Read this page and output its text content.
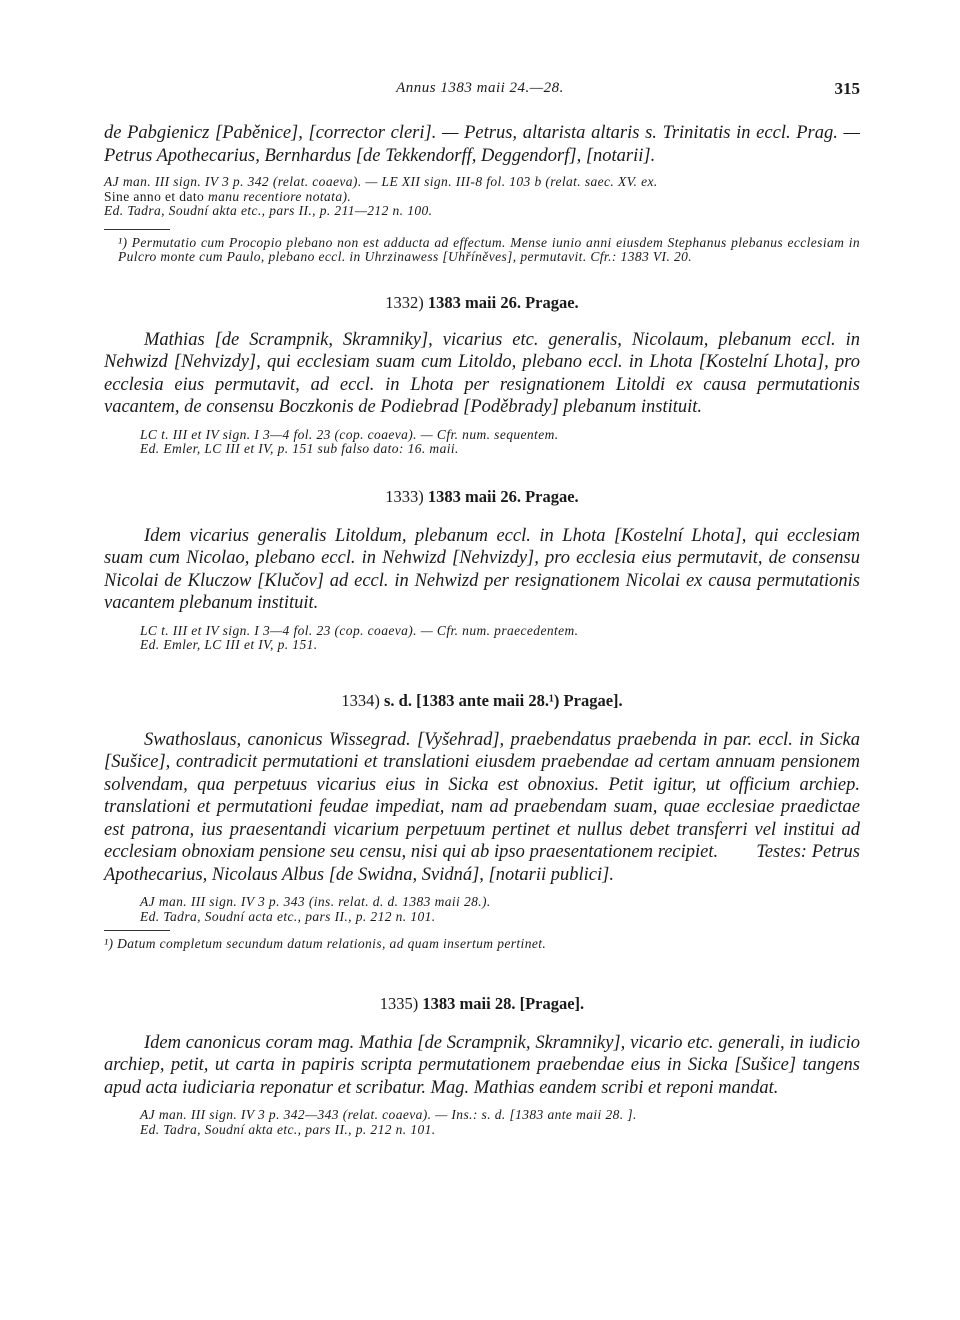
Annus 1383 maii 24.—28.	315

de Pabgienicz [Paběnice], [corrector cleri]. — Petrus, altarista altaris s. Trinitatis in eccl. Prag. — Petrus Apothecarius, Bernhardus [de Tekkendorff, Deggendorf], [notarii].

AJ man. III sign. IV 3 p. 342 (relat. coaeva). — LE XII sign. III-8 fol. 103 b (relat. saec. XV. ex.

Sine anno et dato manu recentiore notata).

Ed. Tadra, Soudní akta etc., pars II., p. 211—212 n. 100.

¹) Permutatio cum Procopio plebano non est adducta ad effectum. Mense iunio anni eiusdem Stephanus plebanus ecclesiam in Pulcro monte cum Paulo, plebano eccl. in Uhrzinawess [Uhříněves], permutavit. Cfr.: 1383 VI. 20.

1332) 1383 maii 26. Pragae.

Mathias [de Scrampnik, Skramniky], vicarius etc. generalis, Nicolaum, plebanum eccl. in Nehwizd [Nehvizdy], qui ecclesiam suam cum Litoldo, plebano eccl. in Lhota [Kostelní Lhota], pro ecclesia eius permutavit, ad eccl. in Lhota per resignationem Litoldi ex causa permutationis vacantem, de consensu Boczkonis de Podiebrad [Poděbrady] plebanum instituit.

LC t. III et IV sign. I 3—4 fol. 23 (cop. coaeva). — Cfr. num. sequentem.

Ed. Emler, LC III et IV, p. 151 sub falso dato: 16. maii.

1333) 1383 maii 26. Pragae.

Idem vicarius generalis Litoldum, plebanum eccl. in Lhota [Kostelní Lhota], qui ecclesiam suam cum Nicolao, plebano eccl. in Nehwizd [Nehvizdy], pro ecclesia eius permutavit, de consensu Nicolai de Kluczow [Klučov] ad eccl. in Nehwizd per resignationem Nicolai ex causa permutationis vacantem plebanum instituit.

LC t. III et IV sign. I 3—4 fol. 23 (cop. coaeva). — Cfr. num. praecedentem.

Ed. Emler, LC III et IV, p. 151.

1334) s. d. [1383 ante maii 28.¹) Pragae].

Swathoslaus, canonicus Wissegrad. [Vyšehrad], praebendatus praebenda in par. eccl. in Sicka [Sušice], contradicit permutationi et translationi eiusdem praebendae ad certam annuam pensionem solvendam, qua perpetuus vicarius eius in Sicka est obnoxius. Petit igitur, ut officium archiep. translationi et permutationi feudae impediat, nam ad praebendam suam, quae ecclesiae praedictae est patrona, ius praesentandi vicarium perpetuum pertinet et nullus debet transferri vel institui ad ecclesiam obnoxiam pensione seu censu, nisi qui ab ipso praesentationem recipiet.        Testes: Petrus Apothecarius, Nicolaus Albus [de Swidna, Svidná], [notarii publici].

AJ man. III sign. IV 3 p. 343 (ins. relat. d. d. 1383 maii 28.).

Ed. Tadra, Soudní acta etc., pars II., p. 212 n. 101.

¹) Datum completum secundum datum relationis, ad quam insertum pertinet.

1335) 1383 maii 28. [Pragae].

Idem canonicus coram mag. Mathia [de Scrampnik, Skramniky], vicario etc. generali, in iudicio archiep, petit, ut carta in papiris scripta permutationem praebendae eius in Sicka [Sušice] tangens apud acta iudiciaria reponatur et scribatur. Mag. Mathias eandem scribi et reponi mandat.

AJ man. III sign. IV 3 p. 342—343 (relat. coaeva). — Ins.: s. d. [1383 ante maii 28. ].

Ed. Tadra, Soudní akta etc., pars II., p. 212 n. 101.
